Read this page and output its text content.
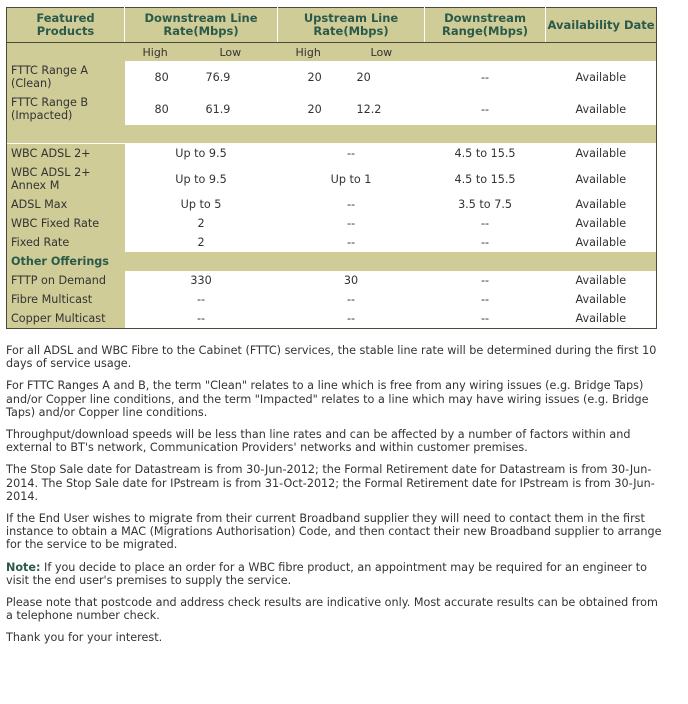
Featured Products	Downstream Line Rate(Mbps)		Upstream Line Rate(Mbps)		Downstream Range(Mbps)	Availability Date
	High	Low	High	Low		
FTTC Range A (Clean)	80	76.9	20	20	--	Available
FTTC Range B (Impacted)	80	61.9	20	12.2	--	Available

WBC ADSL 2+	Up to 9.5		--		4.5 to 15.5	Available
WBC ADSL 2+ Annex M	Up to 9.5		Up to 1		4.5 to 15.5	Available
ADSL Max	Up to 5		--		3.5 to 7.5	Available
WBC Fixed Rate	2		--		--	Available
Fixed Rate	2		--		--	Available
Other Offerings						
FTTP on Demand	330		30		--	Available
Fibre Multicast	--		--		--	Available
Copper Multicast	--		--		--	Available

For all ADSL and WBC Fibre to the Cabinet (FTTC) services, the stable line rate will be determined during the first 10 days of service usage.

For FTTC Ranges A and B, the term "Clean" relates to a line which is free from any wiring issues (e.g. Bridge Taps) and/or Copper line conditions, and the term "Impacted" relates to a line which may have wiring issues (e.g. Bridge Taps) and/or Copper line conditions.

Throughput/download speeds will be less than line rates and can be affected by a number of factors within and external to BT's network, Communication Providers' networks and within customer premises.

The Stop Sale date for Datastream is from 30-Jun-2012; the Formal Retirement date for Datastream is from 30-Jun-2014. The Stop Sale date for IPstream is from 31-Oct-2012; the Formal Retirement date for IPstream is from 30-Jun-2014.

If the End User wishes to migrate from their current Broadband supplier they will need to contact them in the first instance to obtain a MAC (Migrations Authorisation) Code, and then contact their new Broadband supplier to arrange for the service to be migrated.

Note: If you decide to place an order for a WBC fibre product, an appointment may be required for an engineer to visit the end user's premises to supply the service.

Please note that postcode and address check results are indicative only. Most accurate results can be obtained from a telephone number check.

Thank you for your interest.
